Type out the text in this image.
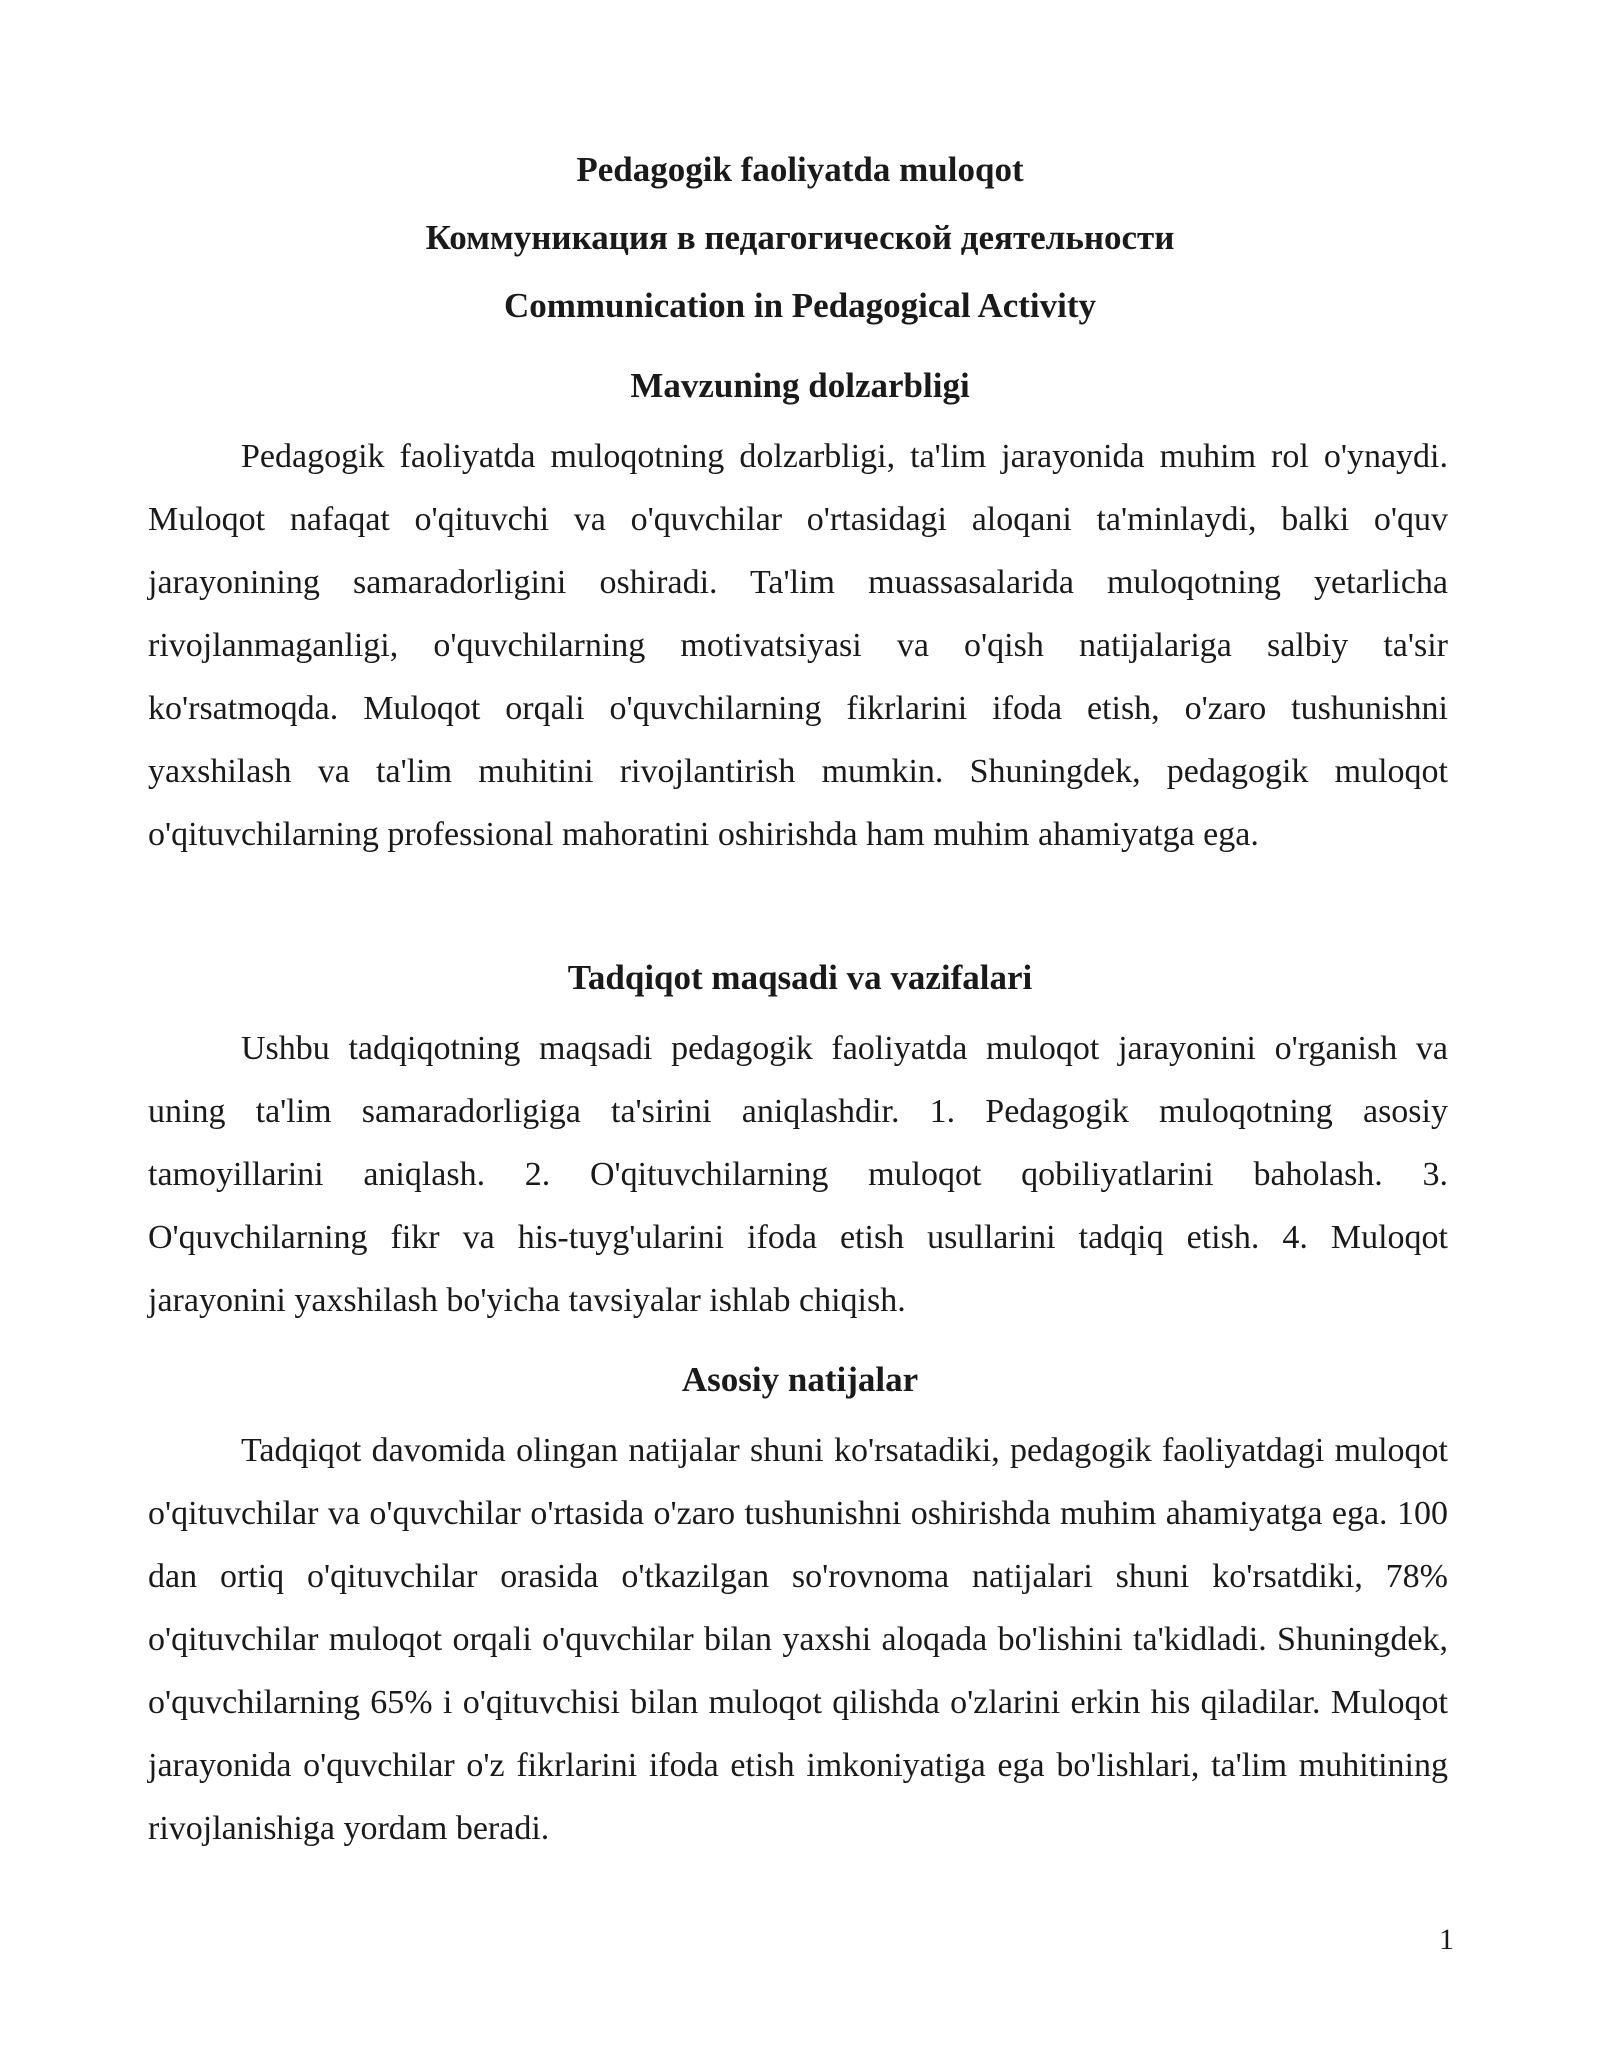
Pedagogik faoliyatda muloqot
Коммуникация в педагогической деятельности
Communication in Pedagogical Activity
Mavzuning dolzarbligi

Pedagogik faoliyatda muloqotning dolzarbligi, ta'lim jarayonida muhim rol o'ynaydi. Muloqot nafaqat o'qituvchi va o'quvchilar o'rtasidagi aloqani ta'minlaydi, balki o'quv jarayonining samaradorligini oshiradi. Ta'lim muassasalarida muloqotning yetarlicha rivojlanmaganligi, o'quvchilarning motivatsiyasi va o'qish natijalariga salbiy ta'sir ko'rsatmoqda. Muloqot orqali o'quvchilarning fikrlarini ifoda etish, o'zaro tushunishni yaxshilash va ta'lim muhitini rivojlantirish mumkin. Shuningdek, pedagogik muloqot o'qituvchilarning professional mahoratini oshirishda ham muhim ahamiyatga ega.

Tadqiqot maqsadi va vazifalari

Ushbu tadqiqotning maqsadi pedagogik faoliyatda muloqot jarayonini o'rganish va uning ta'lim samaradorligiga ta'sirini aniqlashdir. 1. Pedagogik muloqotning asosiy tamoyillarini aniqlash. 2. O'qituvchilarning muloqot qobiliyatlarini baholash. 3. O'quvchilarning fikr va his-tuyg'ularini ifoda etish usullarini tadqiq etish. 4. Muloqot jarayonini yaxshilash bo'yicha tavsiyalar ishlab chiqish.

Asosiy natijalar

Tadqiqot davomida olingan natijalar shuni ko'rsatadiki, pedagogik faoliyatdagi muloqot o'qituvchilar va o'quvchilar o'rtasida o'zaro tushunishni oshirishda muhim ahamiyatga ega. 100 dan ortiq o'qituvchilar orasida o'tkazilgan so'rovnoma natijalari shuni ko'rsatdiki, 78% o'qituvchilar muloqot orqali o'quvchilar bilan yaxshi aloqada bo'lishini ta'kidladi. Shuningdek, o'quvchilarning 65% i o'qituvchisi bilan muloqot qilishda o'zlarini erkin his qiladilar. Muloqot jarayonida o'quvchilar o'z fikrlarini ifoda etish imkoniyatiga ega bo'lishlari, ta'lim muhitining rivojlanishiga yordam beradi.

1
